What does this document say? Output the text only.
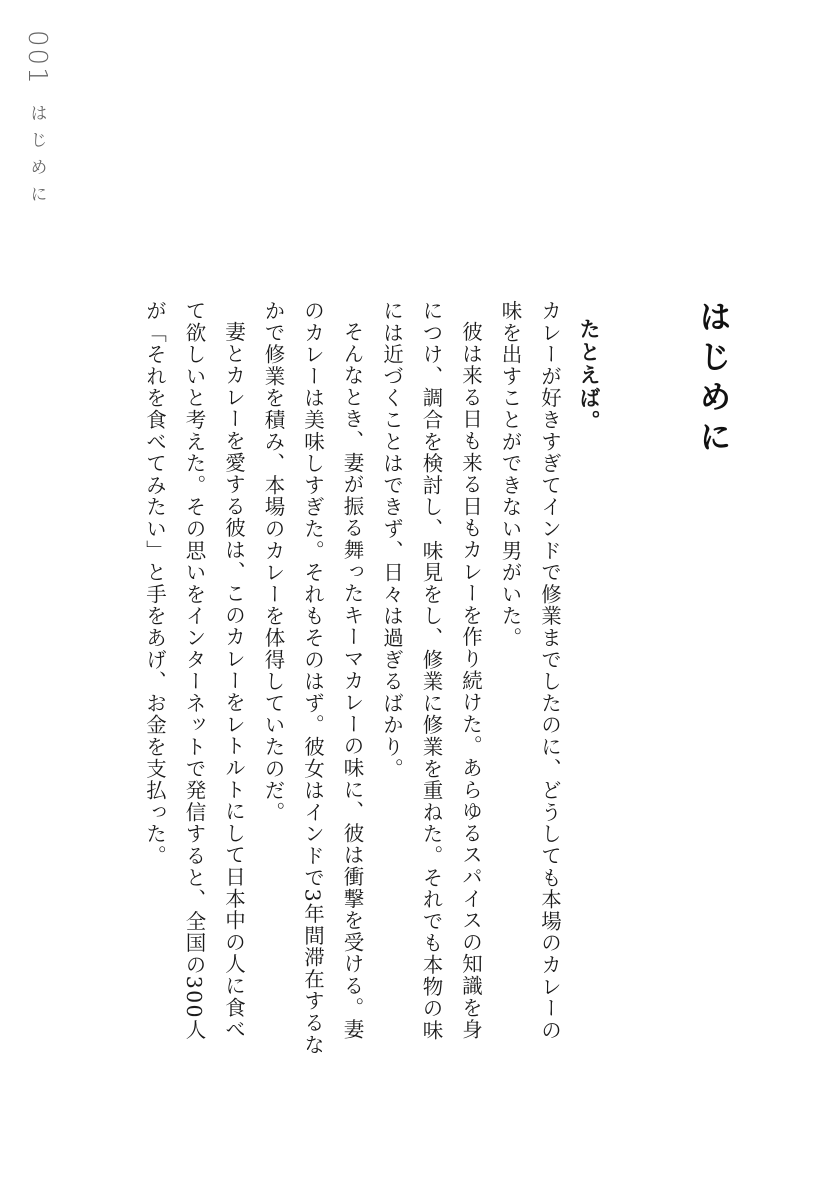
001
はじめに
はじめに

たとえば。

カレーが好きすぎてインドで修業までしたのに、どうしても本場のカレーの味を出すことができない男がいた。

彼は来る日も来る日もカレーを作り続けた。あらゆるスパイスの知識を身につけ、調合を検討し、味見をし、修業に修業を重ねた。それでも本物の味には近づくことはできず、日々は過ぎるばかり。

そんなとき、妻が振る舞ったキーマカレーの味に、彼は衝撃を受ける。妻のカレーは美味しすぎた。それもそのはず。彼女はインドで3年間滞在するなかで修業を積み、本場のカレーを体得していたのだ。

妻とカレーを愛する彼は、このカレーをレトルトにして日本中の人に食べて欲しいと考えた。その思いをインターネットで発信すると、全国の300人が「それを食べてみたい」と手をあげ、お金を支払った。
